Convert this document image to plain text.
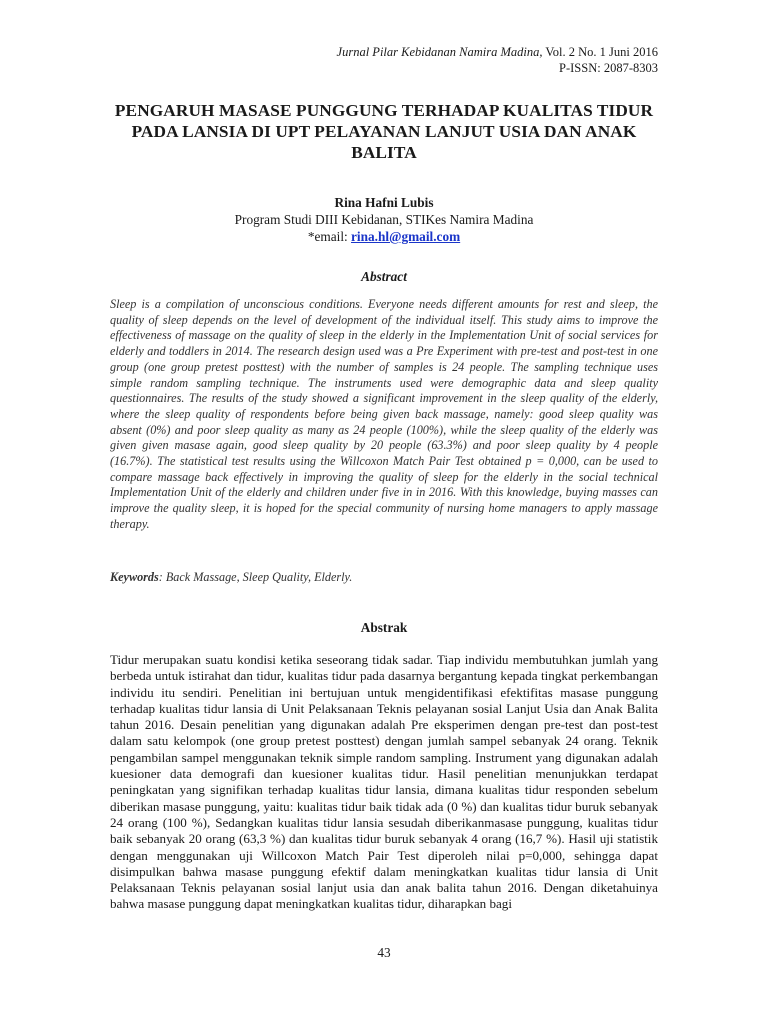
Jurnal Pilar Kebidanan Namira Madina, Vol. 2 No. 1 Juni 2016
P-ISSN: 2087-8303
PENGARUH MASASE PUNGGUNG TERHADAP KUALITAS TIDUR PADA LANSIA DI UPT PELAYANAN LANJUT USIA DAN ANAK BALITA
Rina Hafni Lubis
Program Studi DIII Kebidanan, STIKes Namira Madina
*email: rina.hl@gmail.com
Abstract

Sleep is a compilation of unconscious conditions. Everyone needs different amounts for rest and sleep, the quality of sleep depends on the level of development of the individual itself. This study aims to improve the effectiveness of massage on the quality of sleep in the elderly in the Implementation Unit of social services for elderly and toddlers in 2014. The research design used was a Pre Experiment with pre-test and post-test in one group (one group pretest posttest) with the number of samples is 24 people. The sampling technique uses simple random sampling technique. The instruments used were demographic data and sleep quality questionnaires. The results of the study showed a significant improvement in the sleep quality of the elderly, where the sleep quality of respondents before being given back massage, namely: good sleep quality was absent (0%) and poor sleep quality as many as 24 people (100%), while the sleep quality of the elderly was given given masase again, good sleep quality by 20 people (63.3%) and poor sleep quality by 4 people (16.7%). The statistical test results using the Willcoxon Match Pair Test obtained p = 0,000, can be used to compare massage back effectively in improving the quality of sleep for the elderly in the social technical Implementation Unit of the elderly and children under five in in 2016. With this knowledge, buying masses can improve the quality sleep, it is hoped for the special community of nursing home managers to apply massage therapy.

Keywords: Back Massage, Sleep Quality, Elderly.

Abstrak

Tidur merupakan suatu kondisi ketika seseorang tidak sadar. Tiap individu membutuhkan jumlah yang berbeda untuk istirahat dan tidur, kualitas tidur pada dasarnya bergantung kepada tingkat perkembangan individu itu sendiri. Penelitian ini bertujuan untuk mengidentifikasi efektifitas masase punggung terhadap kualitas tidur lansia di Unit Pelaksanaan Teknis pelayanan sosial Lanjut Usia dan Anak Balita tahun 2016. Desain penelitian yang digunakan adalah Pre eksperimen dengan pre-test dan post-test dalam satu kelompok (one group pretest posttest) dengan jumlah sampel sebanyak 24 orang. Teknik pengambilan sampel menggunakan teknik simple random sampling. Instrument yang digunakan adalah kuesioner data demografi dan kuesioner kualitas tidur. Hasil penelitian menunjukkan terdapat peningkatan yang signifikan terhadap kualitas tidur lansia, dimana kualitas tidur responden sebelum diberikan masase punggung, yaitu: kualitas tidur baik tidak ada (0 %) dan kualitas tidur buruk sebanyak 24 orang (100 %), Sedangkan kualitas tidur lansia sesudah diberikanmasase punggung, kualitas tidur baik sebanyak 20 orang (63,3 %) dan kualitas tidur buruk sebanyak 4 orang (16,7 %). Hasil uji statistik dengan menggunakan uji Willcoxon Match Pair Test diperoleh nilai p=0,000, sehingga dapat disimpulkan bahwa masase punggung efektif dalam meningkatkan kualitas tidur lansia di Unit Pelaksanaan Teknis pelayanan sosial lanjut usia dan anak balita tahun 2016. Dengan diketahuinya bahwa masase punggung dapat meningkatkan kualitas tidur, diharapkan bagi

43
